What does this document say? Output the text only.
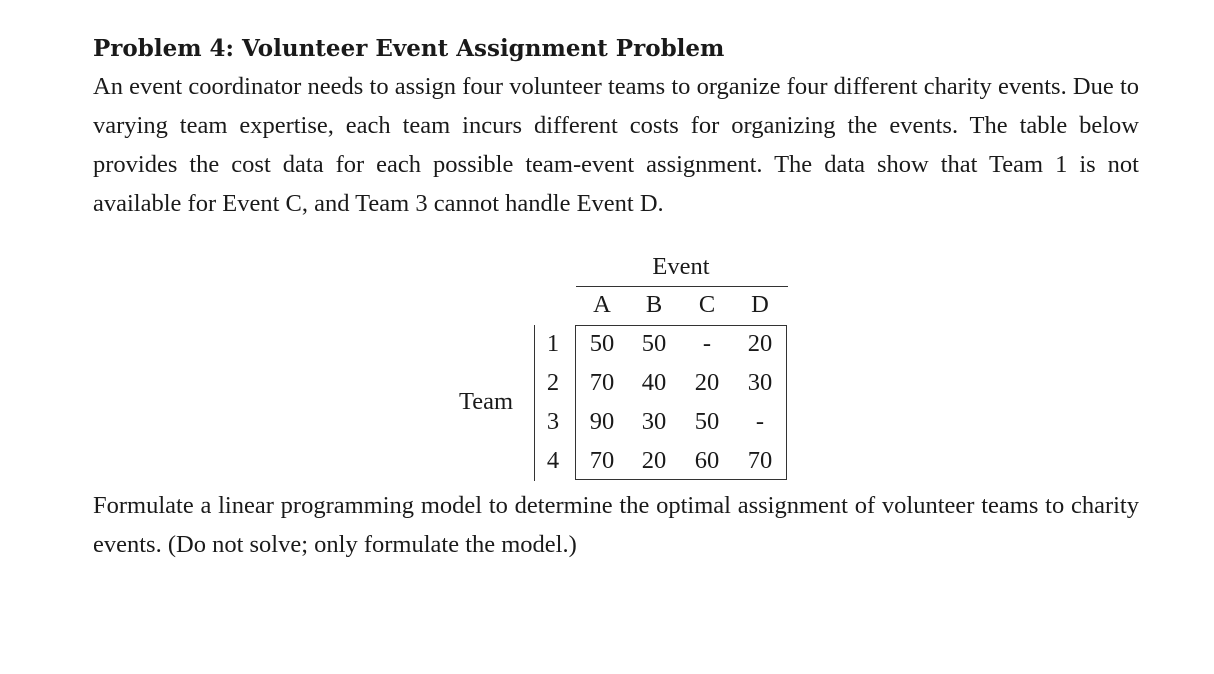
Problem 4: Volunteer Event Assignment Problem

An event coordinator needs to assign four volunteer teams to organize four different charity events. Due to varying team expertise, each team incurs different costs for organizing the events. The table below provides the cost data for each possible team-event assignment. The data show that Team 1 is not available for Event C, and Team 3 cannot handle Event D.

Event
A	B	C	D
Team
1	50	50	-	20
2	70	40	20	30
3	90	30	50	-
4	70	20	60	70

Formulate a linear programming model to determine the optimal assignment of volunteer teams to charity events. (Do not solve; only formulate the model.)
